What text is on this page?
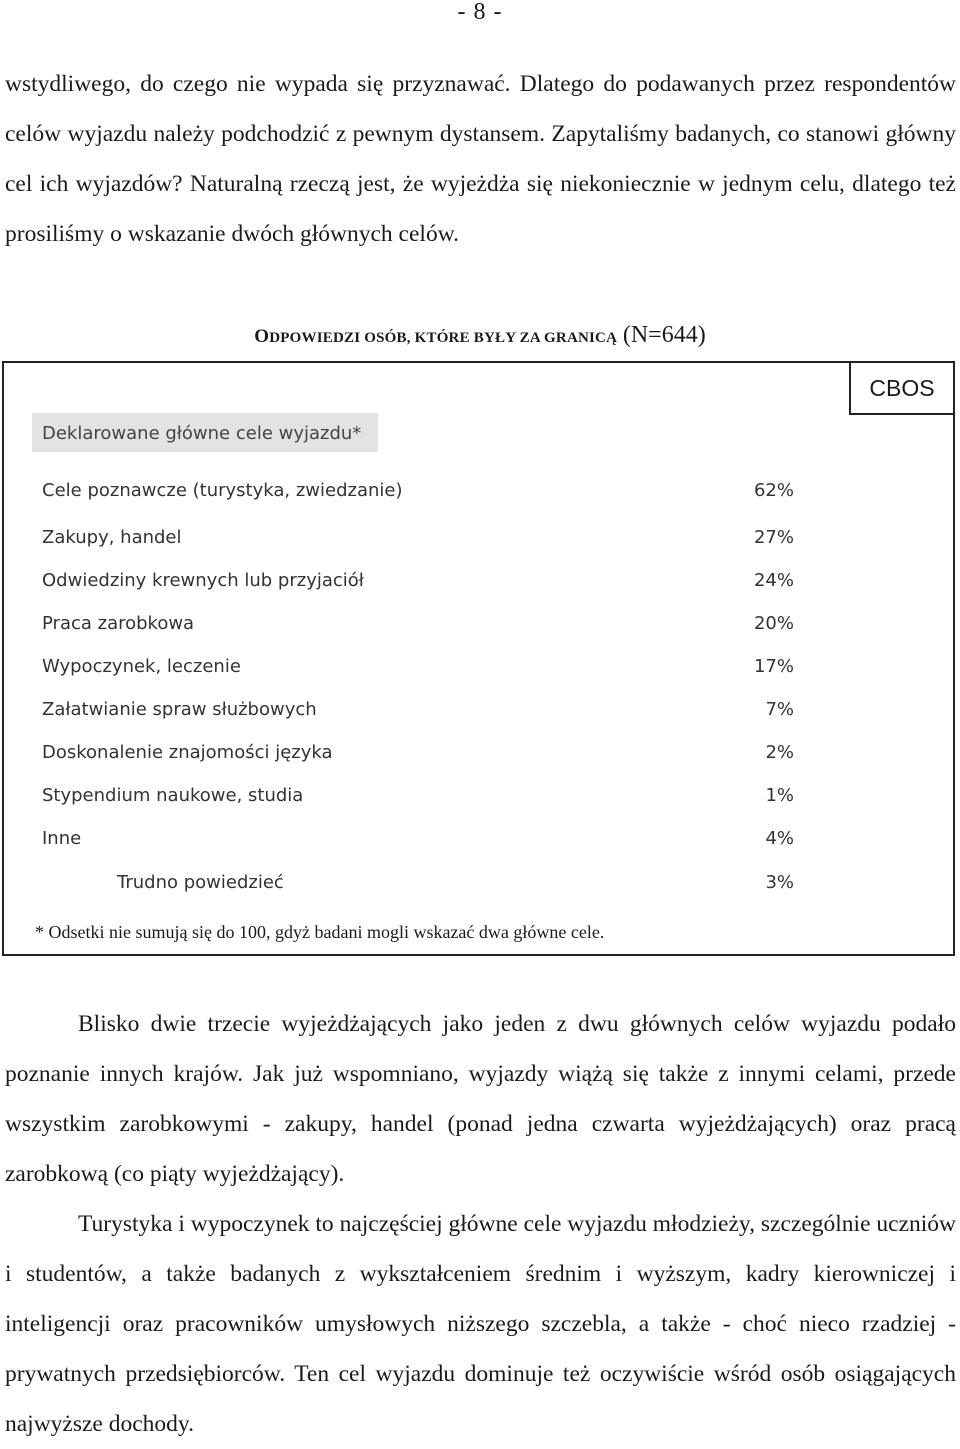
- 8 -

wstydliwego, do czego nie wypada się przyznawać. Dlatego do podawanych przez respondentów celów wyjazdu należy podchodzić z pewnym dystansem. Zapytaliśmy badanych, co stanowi główny cel ich wyjazdów? Naturalną rzeczą jest, że wyjeżdża się niekoniecznie w jednym celu, dlatego też prosiliśmy o wskazanie dwóch głównych celów.

ODPOWIEDZI OSÓB, KTÓRE BYŁY ZA GRANICĄ (N=644)
CBOS
Deklarowane główne cele wyjazdu*
Cele poznawcze (turystyka, zwiedzanie)	62%
Zakupy, handel	27%
Odwiedziny krewnych lub przyjaciół	24%
Praca zarobkowa	20%
Wypoczynek, leczenie	17%
Załatwianie spraw służbowych	7%
Doskonalenie znajomości języka	2%
Stypendium naukowe, studia	1%
Inne	4%
Trudno powiedzieć	3%
* Odsetki nie sumują się do 100, gdyż badani mogli wskazać dwa główne cele.

Blisko dwie trzecie wyjeżdżających jako jeden z dwu głównych celów wyjazdu podało poznanie innych krajów. Jak już wspomniano, wyjazdy wiążą się także z innymi celami, przede wszystkim zarobkowymi - zakupy, handel (ponad jedna czwarta wyjeżdżających) oraz pracą zarobkową (co piąty wyjeżdżający).

Turystyka i wypoczynek to najczęściej główne cele wyjazdu młodzieży, szczególnie uczniów i studentów, a także badanych z wykształceniem średnim i wyższym, kadry kierowniczej i inteligencji oraz pracowników umysłowych niższego szczebla, a także - choć nieco rzadziej - prywatnych przedsiębiorców. Ten cel wyjazdu dominuje też oczywiście wśród osób osiągających najwyższe dochody.
